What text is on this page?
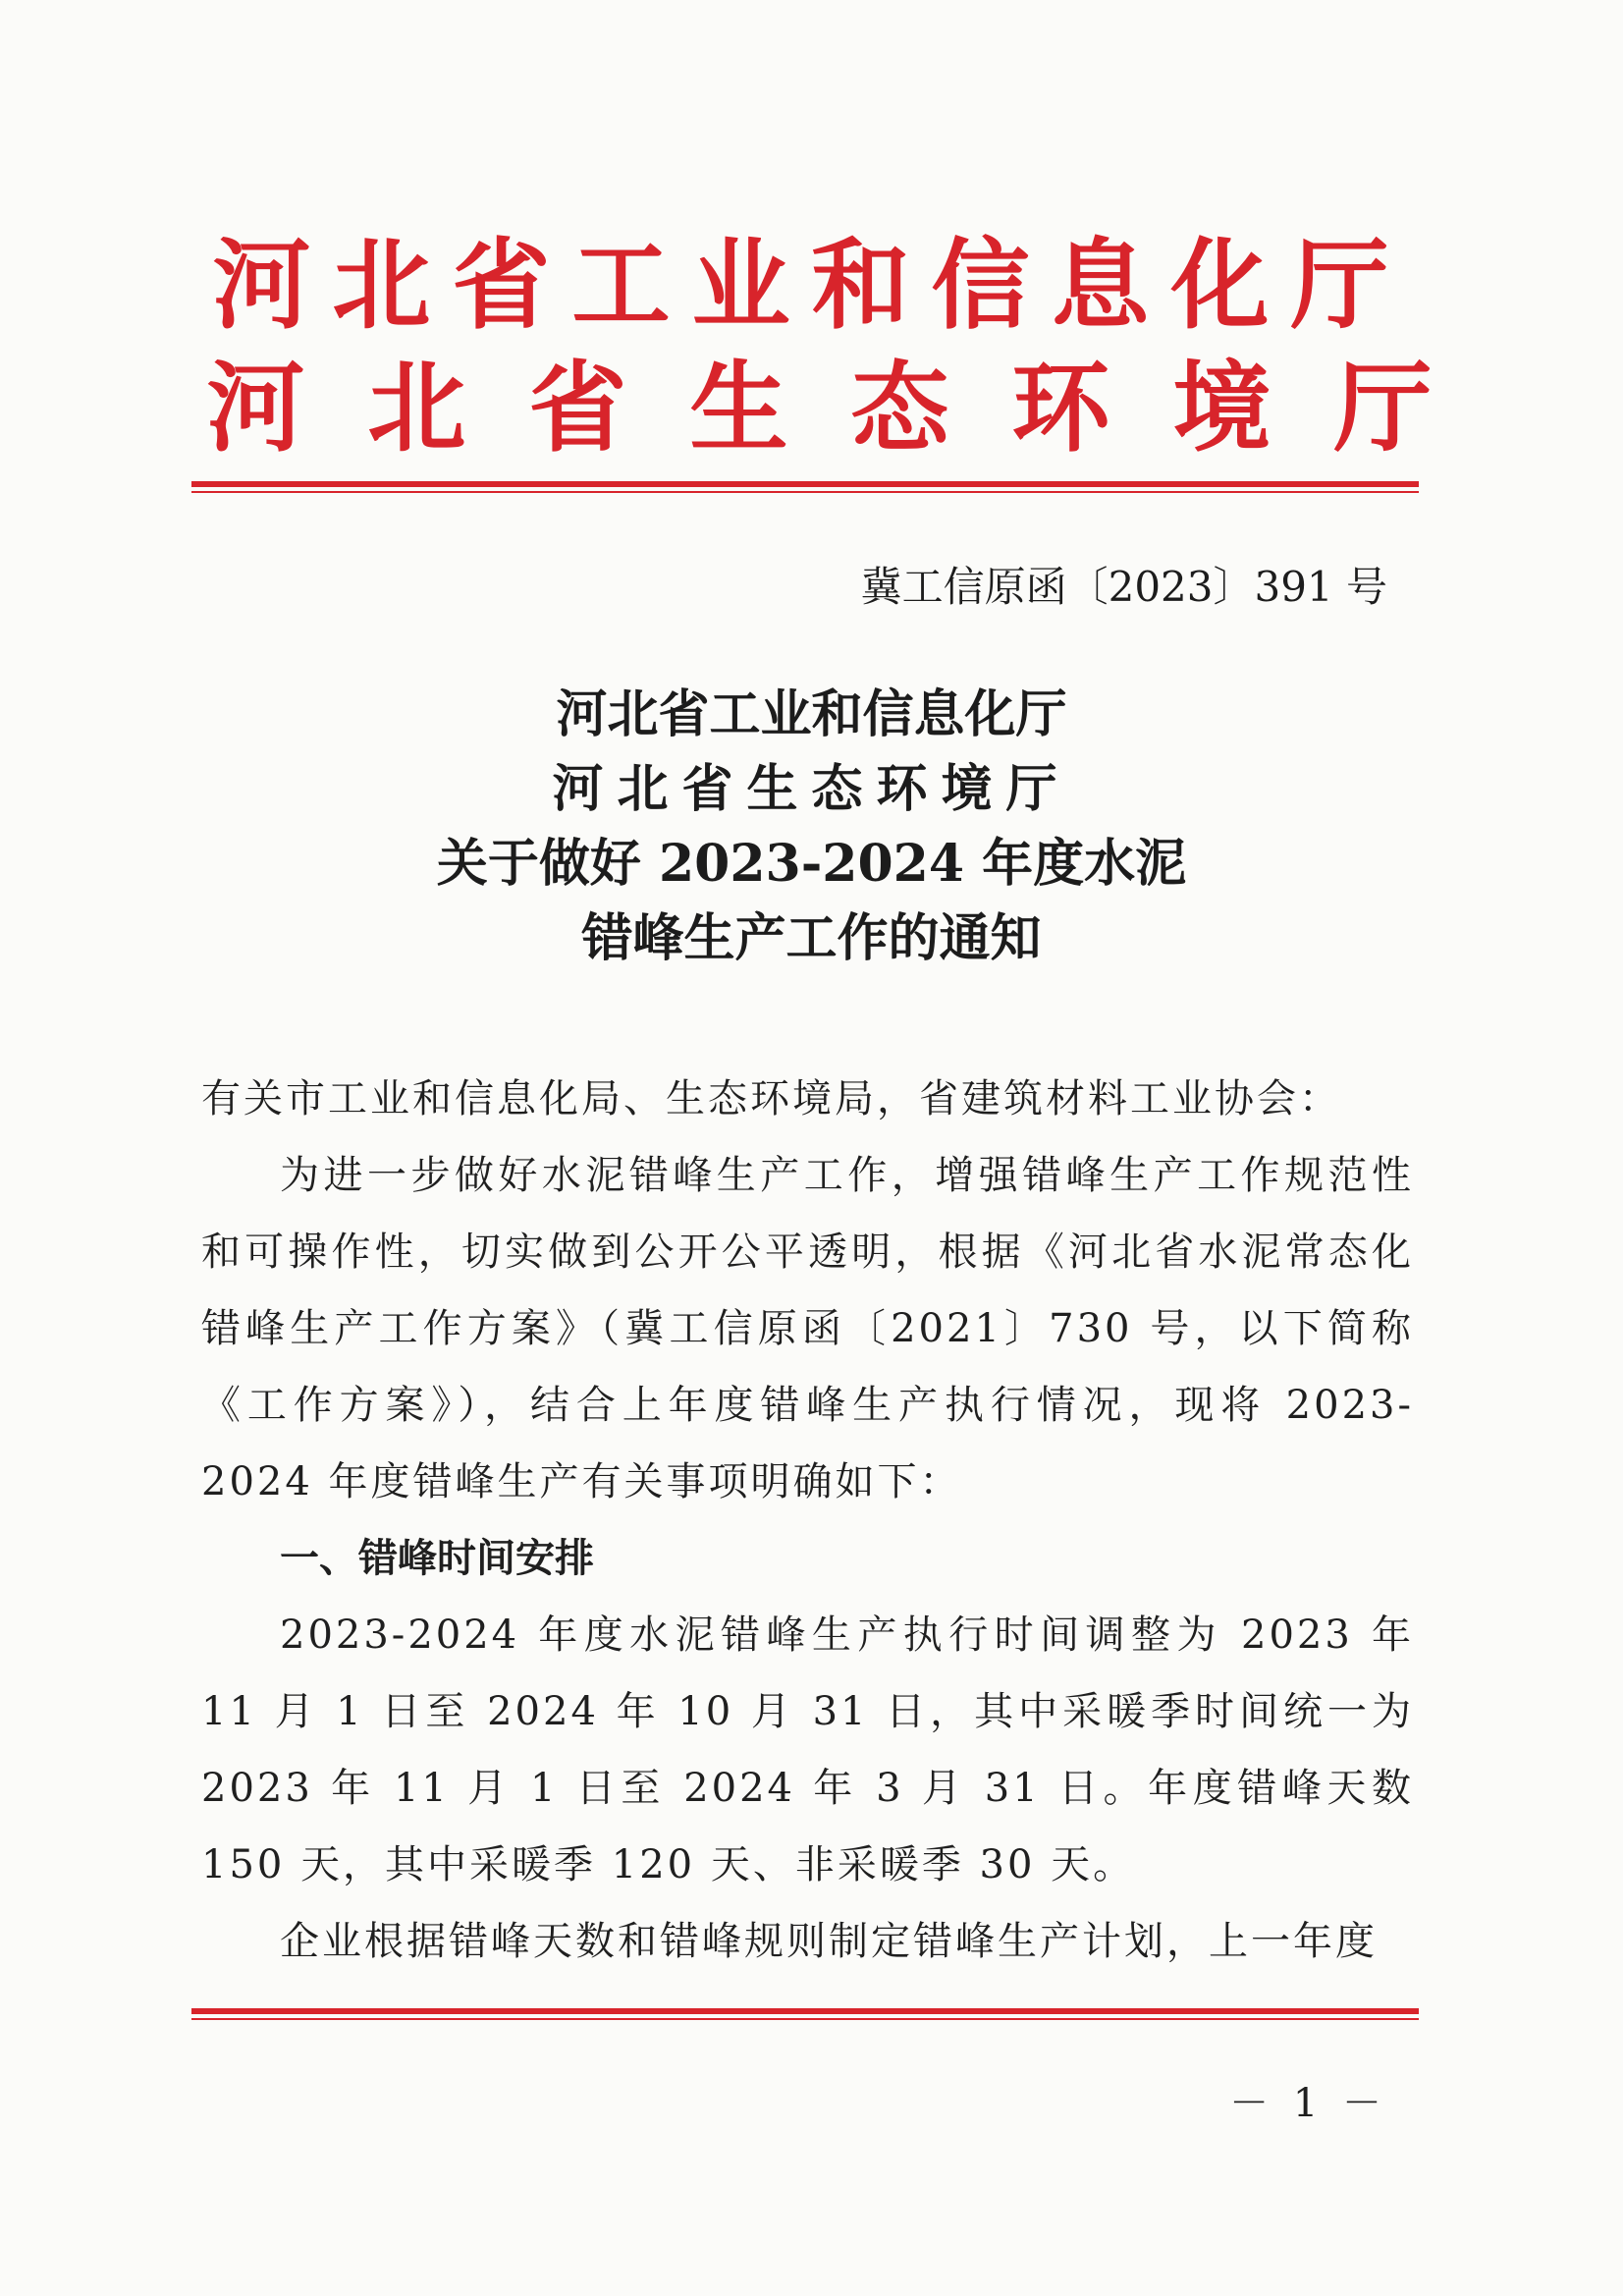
河北省工业和信息化厅
河北省生态环境厅
冀工信原函〔2023〕391 号
河北省工业和信息化厅
河北省生态环境厅
关于做好 2023-2024 年度水泥
错峰生产工作的通知

有关市工业和信息化局、生态环境局，省建筑材料工业协会：

为进一步做好水泥错峰生产工作，增强错峰生产工作规范性和可操作性，切实做到公开公平透明，根据《河北省水泥常态化错峰生产工作方案》（冀工信原函〔2021〕730 号，以下简称《工作方案》），结合上年度错峰生产执行情况，现将 2023-2024 年度错峰生产有关事项明确如下：

一、错峰时间安排

2023-2024 年度水泥错峰生产执行时间调整为 2023 年 11 月 1 日至 2024 年 10 月 31 日，其中采暖季时间统一为 2023 年 11 月 1 日至 2024 年 3 月 31 日。年度错峰天数 150 天，其中采暖季 120 天、非采暖季 30 天。

企业根据错峰天数和错峰规则制定错峰生产计划，上一年度

－ 1 －
